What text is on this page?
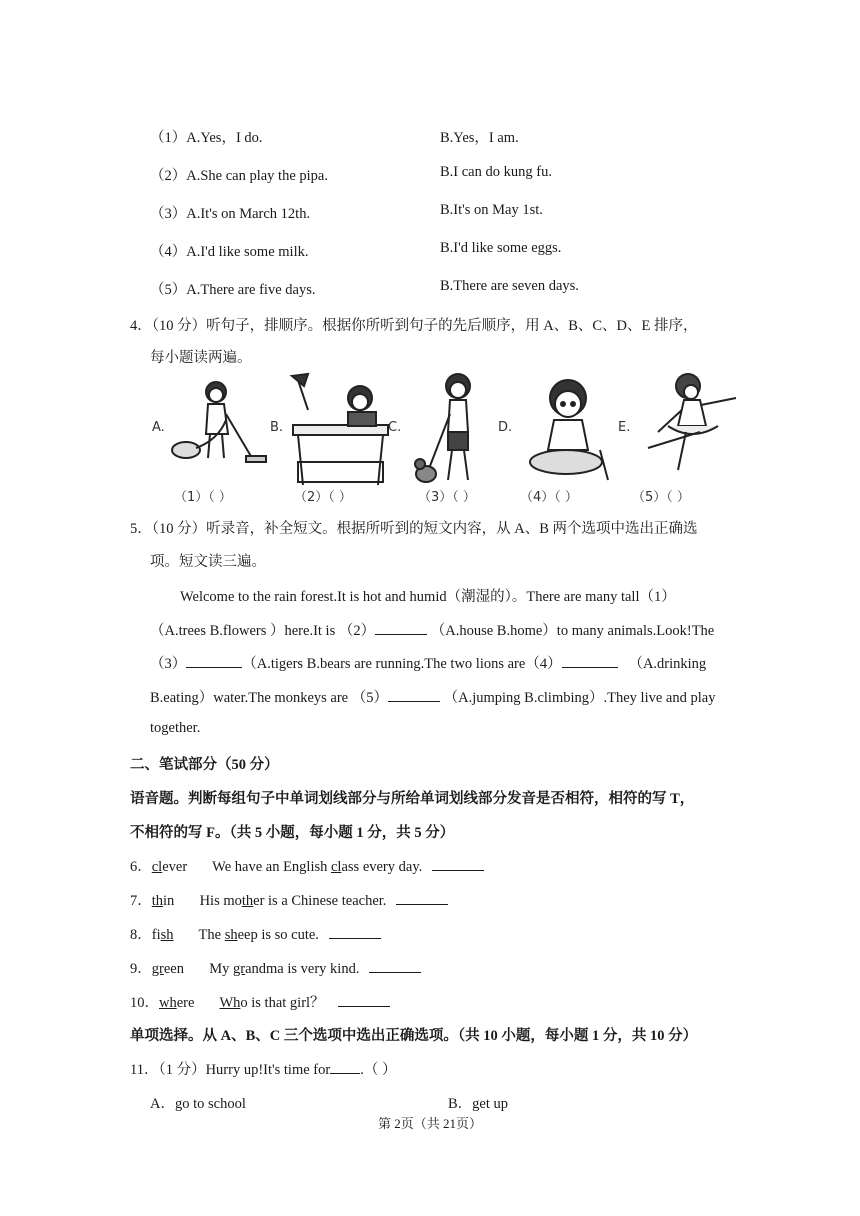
（1）A.Yes，I do.	B.Yes，I am.
（2）A.She can play the pipa.	B.I can do kung fu.
（3）A.It's on March 12th.	B.It's on May 1st.
（4）A.I'd like some milk.	B.I'd like some eggs.
（5）A.There are five days.	B.There are seven days.
4．（10 分）听句子，排顺序。根据你所听到句子的先后顺序，用 A、B、C、D、E 排序，
每小题读两遍。
A.	B.	C.	D.	E.
（1）（ ）	（2）（ ）	（3）（ ）	（4）（ ）	（5）（ ）
5．（10 分）听录音，补全短文。根据所听到的短文内容，从 A、B 两个选项中选出正确选
项。短文读三遍。
Welcome to the rain forest.It is hot and humid（潮湿的）。There are many tall（1）
（A.trees B.flowers ）here.It is （2）	（A.house B.home）to many animals.Look!The
（3）	（A.tigers B.bears are running.The two lions are（4）	（A.drinking
B.eating）water.The monkeys are （5）	（A.jumping B.climbing）.They live and play
together.
二、笔试部分（50 分）
语音题。判断每组句子中单词划线部分与所给单词划线部分发音是否相符，相符的写 T，
不相符的写 F。（共 5 小题，每小题 1 分，共 5 分）
6．clever We have an English class every day.
7．thin His mother is a Chinese teacher.
8．fish The sheep is so cute.
9．green My grandma is very kind.
10．where Who is that girl？
单项选择。从 A、B、C 三个选项中选出正确选项。（共 10 小题，每小题 1 分，共 10 分）
11．（1 分）Hurry up!It's time for .（ ）
A．go to school	B．get up
第 2页（共 21页）
